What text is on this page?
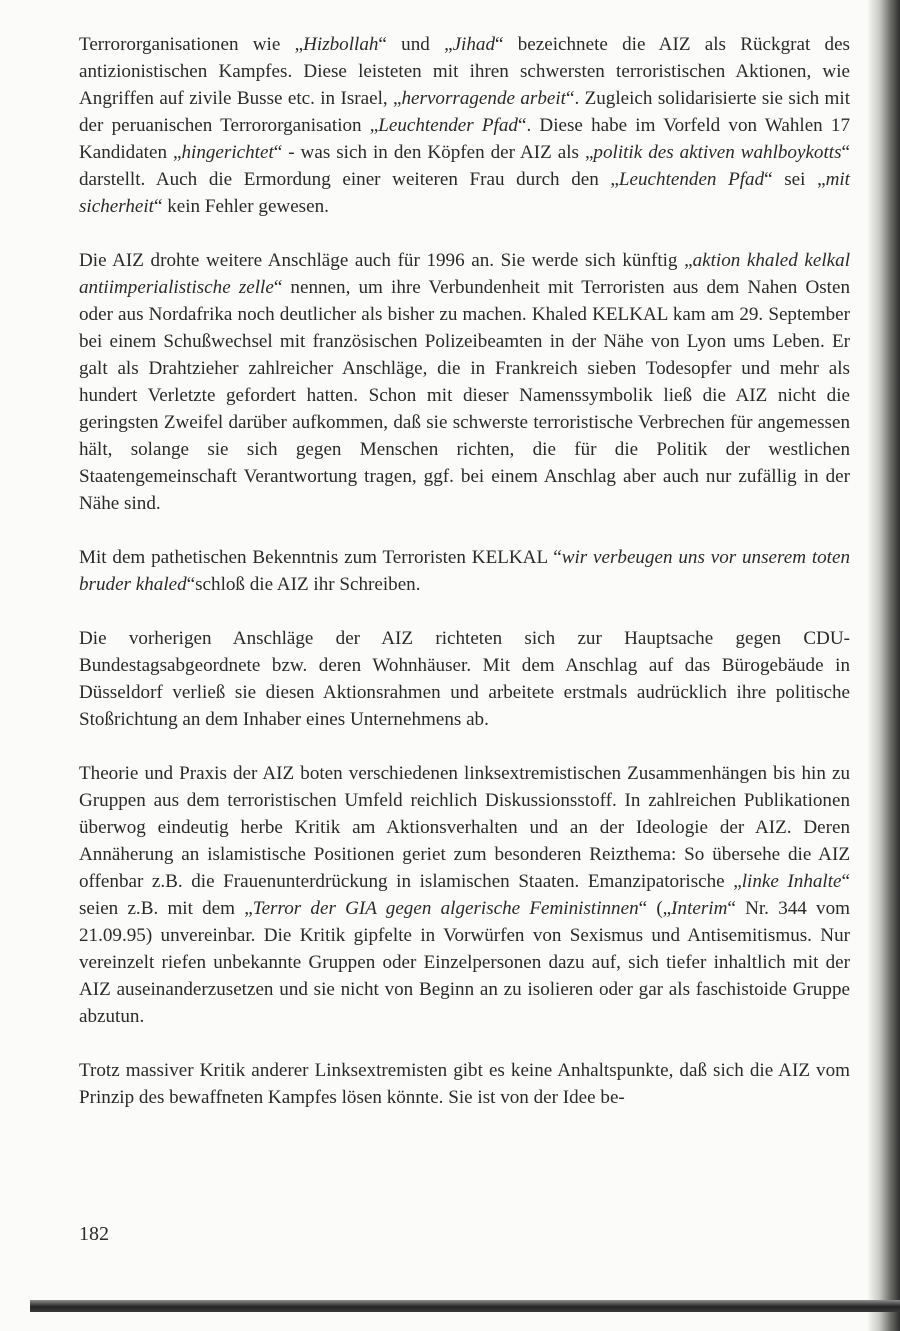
Terrororganisationen wie „Hizbollah“ und „Jihad“ bezeichnete die AIZ als Rückgrat des antizionistischen Kampfes. Diese leisteten mit ihren schwersten terroristischen Aktionen, wie Angriffen auf zivile Busse etc. in Israel, „hervorragende arbeit“. Zugleich solidarisierte sie sich mit der peruanischen Terrororganisation „Leuchtender Pfad“. Diese habe im Vorfeld von Wahlen 17 Kandidaten „hingerichtet“ - was sich in den Köpfen der AIZ als „politik des aktiven wahlboykotts“ darstellt. Auch die Ermordung einer weiteren Frau durch den „Leuchtenden Pfad“ sei „mit sicherheit“ kein Fehler gewesen.

Die AIZ drohte weitere Anschläge auch für 1996 an. Sie werde sich künftig „aktion khaled kelkal antiimperialistische zelle“ nennen, um ihre Verbundenheit mit Terroristen aus dem Nahen Osten oder aus Nordafrika noch deutlicher als bisher zu machen. Khaled KELKAL kam am 29. September bei einem Schußwechsel mit französischen Polizeibeamten in der Nähe von Lyon ums Leben. Er galt als Drahtzieher zahlreicher Anschläge, die in Frankreich sieben Todesopfer und mehr als hundert Verletzte gefordert hatten. Schon mit dieser Namenssymbolik ließ die AIZ nicht die geringsten Zweifel darüber aufkommen, daß sie schwerste terroristische Verbrechen für angemessen hält, solange sie sich gegen Menschen richten, die für die Politik der westlichen Staatengemeinschaft Verantwortung tragen, ggf. bei einem Anschlag aber auch nur zufällig in der Nähe sind.

Mit dem pathetischen Bekenntnis zum Terroristen KELKAL “wir verbeugen uns vor unserem toten bruder khaled“schloß die AIZ ihr Schreiben.

Die vorherigen Anschläge der AIZ richteten sich zur Hauptsache gegen CDU-Bundestagsabgeordnete bzw. deren Wohnhäuser. Mit dem Anschlag auf das Bürogebäude in Düsseldorf verließ sie diesen Aktionsrahmen und arbeitete erstmals audrücklich ihre politische Stoßrichtung an dem Inhaber eines Unternehmens ab.

Theorie und Praxis der AIZ boten verschiedenen linksextremistischen Zusammenhängen bis hin zu Gruppen aus dem terroristischen Umfeld reichlich Diskussionsstoff. In zahlreichen Publikationen überwog eindeutig herbe Kritik am Aktionsverhalten und an der Ideologie der AIZ. Deren Annäherung an islamistische Positionen geriet zum besonderen Reizthema: So übersehe die AIZ offenbar z.B. die Frauenunterdrückung in islamischen Staaten. Emanzipatorische „linke Inhalte“ seien z.B. mit dem „Terror der GIA gegen algerische Feministinnen“ („Interim“ Nr. 344 vom 21.09.95) unvereinbar. Die Kritik gipfelte in Vorwürfen von Sexismus und Antisemitismus. Nur vereinzelt riefen unbekannte Gruppen oder Einzelpersonen dazu auf, sich tiefer inhaltlich mit der AIZ auseinanderzusetzen und sie nicht von Beginn an zu isolieren oder gar als faschistoide Gruppe abzutun.

Trotz massiver Kritik anderer Linksextremisten gibt es keine Anhaltspunkte, daß sich die AIZ vom Prinzip des bewaffneten Kampfes lösen könnte. Sie ist von der Idee be-

182
